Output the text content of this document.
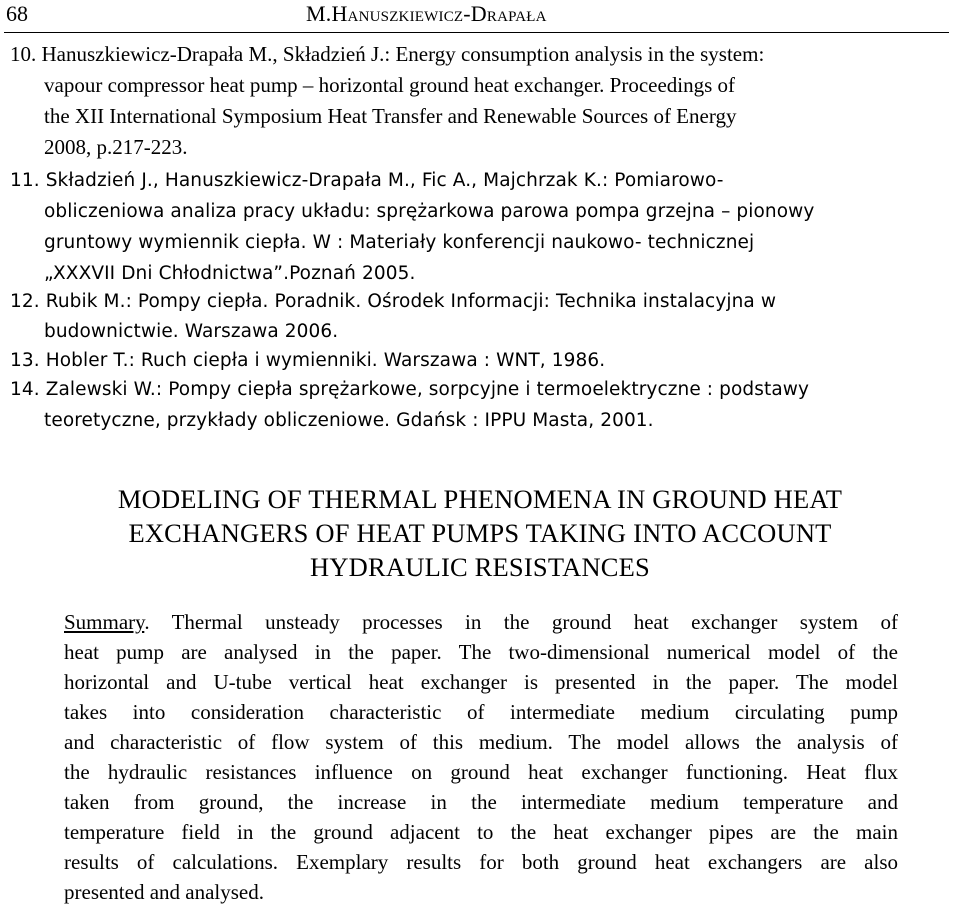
68	M.Hanuszkiewicz-Drapała
10. Hanuszkiewicz-Drapała M., Składzień J.: Energy consumption analysis in the system:
vapour compressor heat pump – horizontal ground heat exchanger. Proceedings of
the XII International Symposium Heat Transfer and Renewable Sources of Energy
2008, p.217-223.
11. Składzień J., Hanuszkiewicz-Drapała M., Fic A., Majchrzak K.: Pomiarowo-
obliczeniowa analiza pracy układu: sprężarkowa parowa pompa grzejna – pionowy
gruntowy wymiennik ciepła. W : Materiały konferencji naukowo- technicznej
„XXXVII Dni Chłodnictwa”.Poznań 2005.
12. Rubik M.: Pompy ciepła. Poradnik. Ośrodek Informacji: Technika instalacyjna w
budownictwie. Warszawa 2006.
13. Hobler T.: Ruch ciepła i wymienniki. Warszawa : WNT, 1986.
14. Zalewski W.: Pompy ciepła sprężarkowe, sorpcyjne i termoelektryczne : podstawy
teoretyczne, przykłady obliczeniowe. Gdańsk : IPPU Masta, 2001.
MODELING OF THERMAL PHENOMENA IN GROUND HEAT
EXCHANGERS OF HEAT PUMPS TAKING INTO ACCOUNT
HYDRAULIC RESISTANCES
Summary. Thermal unsteady processes in the ground heat exchanger system of
heat pump are analysed in the paper. The two-dimensional numerical model of the
horizontal and U-tube vertical heat exchanger is presented in the paper. The model
takes into consideration characteristic of intermediate medium circulating pump
and characteristic of flow system of this medium. The model allows the analysis of
the hydraulic resistances influence on ground heat exchanger functioning. Heat flux
taken from ground, the increase in the intermediate medium temperature and
temperature field in the ground adjacent to the heat exchanger pipes are the main
results of calculations. Exemplary results for both ground heat exchangers are also
presented and analysed.
